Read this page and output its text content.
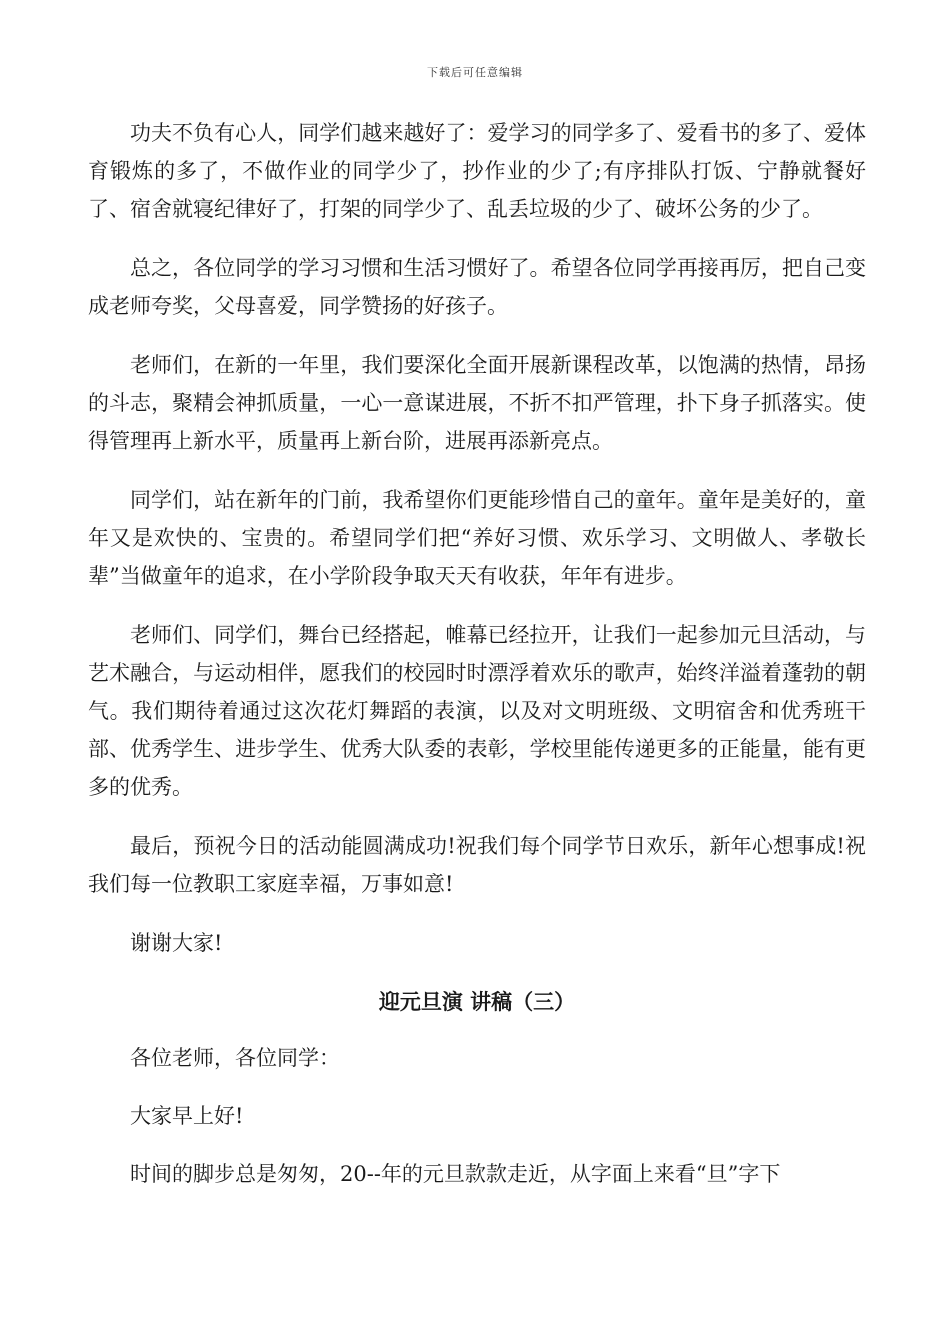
下载后可任意编辑

功夫不负有心人，同学们越来越好了：爱学习的同学多了、爱看书的多了、爱体育锻炼的多了，不做作业的同学少了，抄作业的少了;有序排队打饭、宁静就餐好了、宿舍就寝纪律好了，打架的同学少了、乱丢垃圾的少了、破坏公务的少了。

总之，各位同学的学习习惯和生活习惯好了。希望各位同学再接再厉，把自己变成老师夸奖，父母喜爱，同学赞扬的好孩子。

老师们，在新的一年里，我们要深化全面开展新课程改革，以饱满的热情，昂扬的斗志，聚精会神抓质量，一心一意谋进展，不折不扣严管理，扑下身子抓落实。使得管理再上新水平，质量再上新台阶，进展再添新亮点。

同学们，站在新年的门前，我希望你们更能珍惜自己的童年。童年是美好的，童年又是欢快的、宝贵的。希望同学们把“养好习惯、欢乐学习、文明做人、孝敬长辈”当做童年的追求，在小学阶段争取天天有收获，年年有进步。

老师们、同学们，舞台已经搭起，帷幕已经拉开，让我们一起参加元旦活动，与艺术融合，与运动相伴，愿我们的校园时时漂浮着欢乐的歌声，始终洋溢着蓬勃的朝气。我们期待着通过这次花灯舞蹈的表演，以及对文明班级、文明宿舍和优秀班干部、优秀学生、进步学生、优秀大队委的表彰，学校里能传递更多的正能量，能有更多的优秀。

最后，预祝今日的活动能圆满成功!祝我们每个同学节日欢乐，新年心想事成!祝我们每一位教职工家庭幸福，万事如意!

谢谢大家!

迎元旦演 讲稿（三）

各位老师，各位同学：

大家早上好!

时间的脚步总是匆匆，20--年的元旦款款走近，从字面上来看“旦”字下
